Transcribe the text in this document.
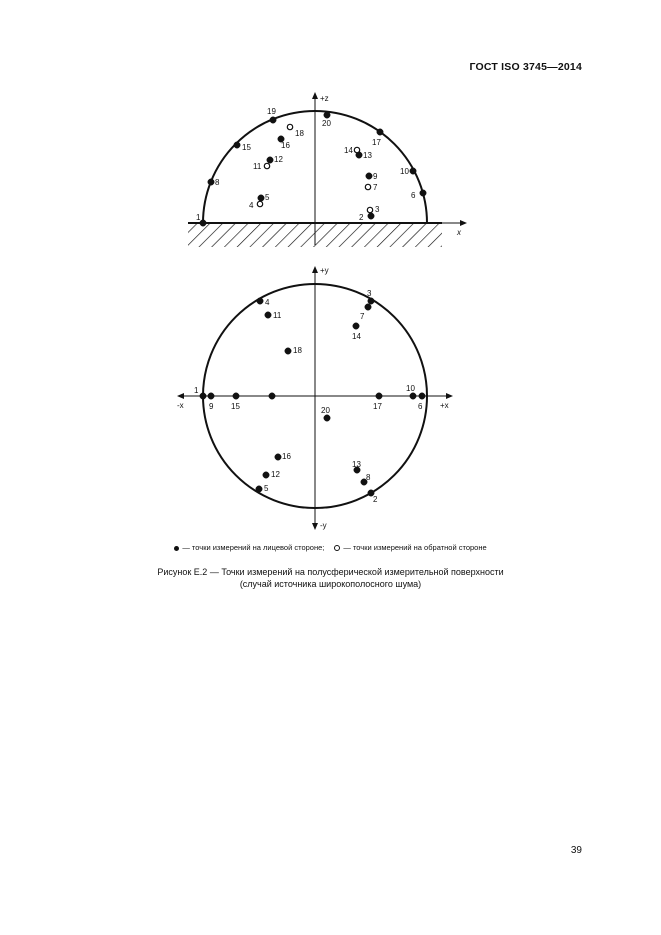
ГОСТ ISO 3745—2014
+z
x
+y
-y
+x
-x
1	2
3
4
5	6
7
8
9
10
11
12	13
14
15	16	17
18
19
20
1
2
3
4
5
6
7
8
9
10
11
12
13
14
15
16
17
18
20
— точки измерений на лицевой стороне;	— точки измерений на обратной стороне
Рисунок Е.2 — Точки измерений на полусферической измерительной поверхности
(случай источника широкополосного шума)
39
